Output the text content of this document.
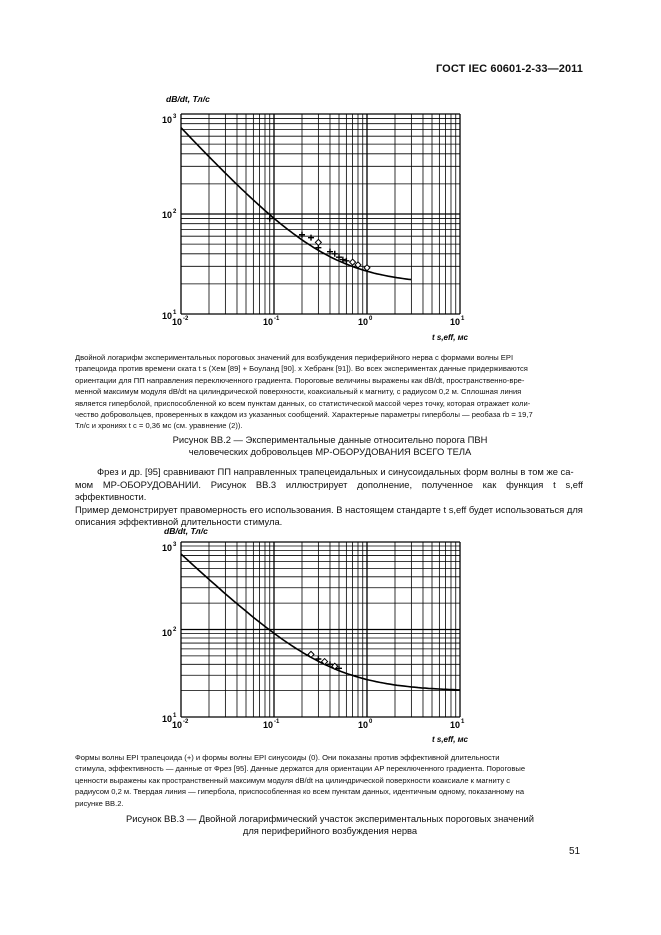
ГОСТ IEC 60601-2-33—2011
dB/dt, Тл/с
10 -2	10 -1	10 0	10 1
10 3
10 2
10 1
t s,eff, мс
Двойной логарифм экспериментальных пороговых значений для возбуждения периферийного нерва с формами волны EPI
трапецоида против времени ската t s (Хем [89] + Боуланд [90]. х Хебранк [91]). Во всех экспериментах данные придерживаются
ориентации для ПП направления переключенного градиента. Пороговые величины выражены как dB/dt, пространственно-вре-
менной максимум модуля dB/dt на цилиндрической поверхности, коаксиальный к магниту, с радиусом 0,2 м. Сплошная линия
является гиперболой, приспособленной ко всем пунктам данных, со статистической массой через точку, которая отражает коли-
чество добровольцев, проверенных в каждом из указанных сообщений. Характерные параметры гиперболы — реобаза rb = 19,7
Тл/с и хрониях t c = 0,36 мс (см. уравнение (2)).
Рисунок ВВ.2 — Экспериментальные данные относительно порога ПВН
человеческих добровольцев МР-ОБОРУДОВАНИЯ ВСЕГО ТЕЛА
Фрез и др. [95] сравнивают ПП направленных трапецеидальных и синусоидальных форм волны в том же са-
мом МР-ОБОРУДОВАНИИ. Рисунок ВВ.3 иллюстрирует дополнение, полученное как функция t s,eff эффективности.
Пример демонстрирует правомерность его использования. В настоящем стандарте t s,eff будет использоваться для
описания эффективной длительности стимула.
dB/dt, Тл/с
10 -2	10 -1	10 0	10 1
10 3
10 2
10 1
t s,eff, мс
Формы волны EPI трапецоида (+) и формы волны EPI синусоиды (0). Они показаны против эффективной длительности
стимула, эффективность — данные от Фрез [95]. Данные держатся для ориентации AP переключенного градиента. Пороговые
ценности выражены как пространственный максимум модуля dB/dt на цилиндрической поверхности коаксиале к магниту с
радиусом 0,2 м. Твердая линия — гипербола, приспособленная ко всем пунктам данных, идентичным одному, показанному на
рисунке ВВ.2.
Рисунок ВВ.3 — Двойной логарифмический участок экспериментальных пороговых значений
для периферийного возбуждения нерва
51
